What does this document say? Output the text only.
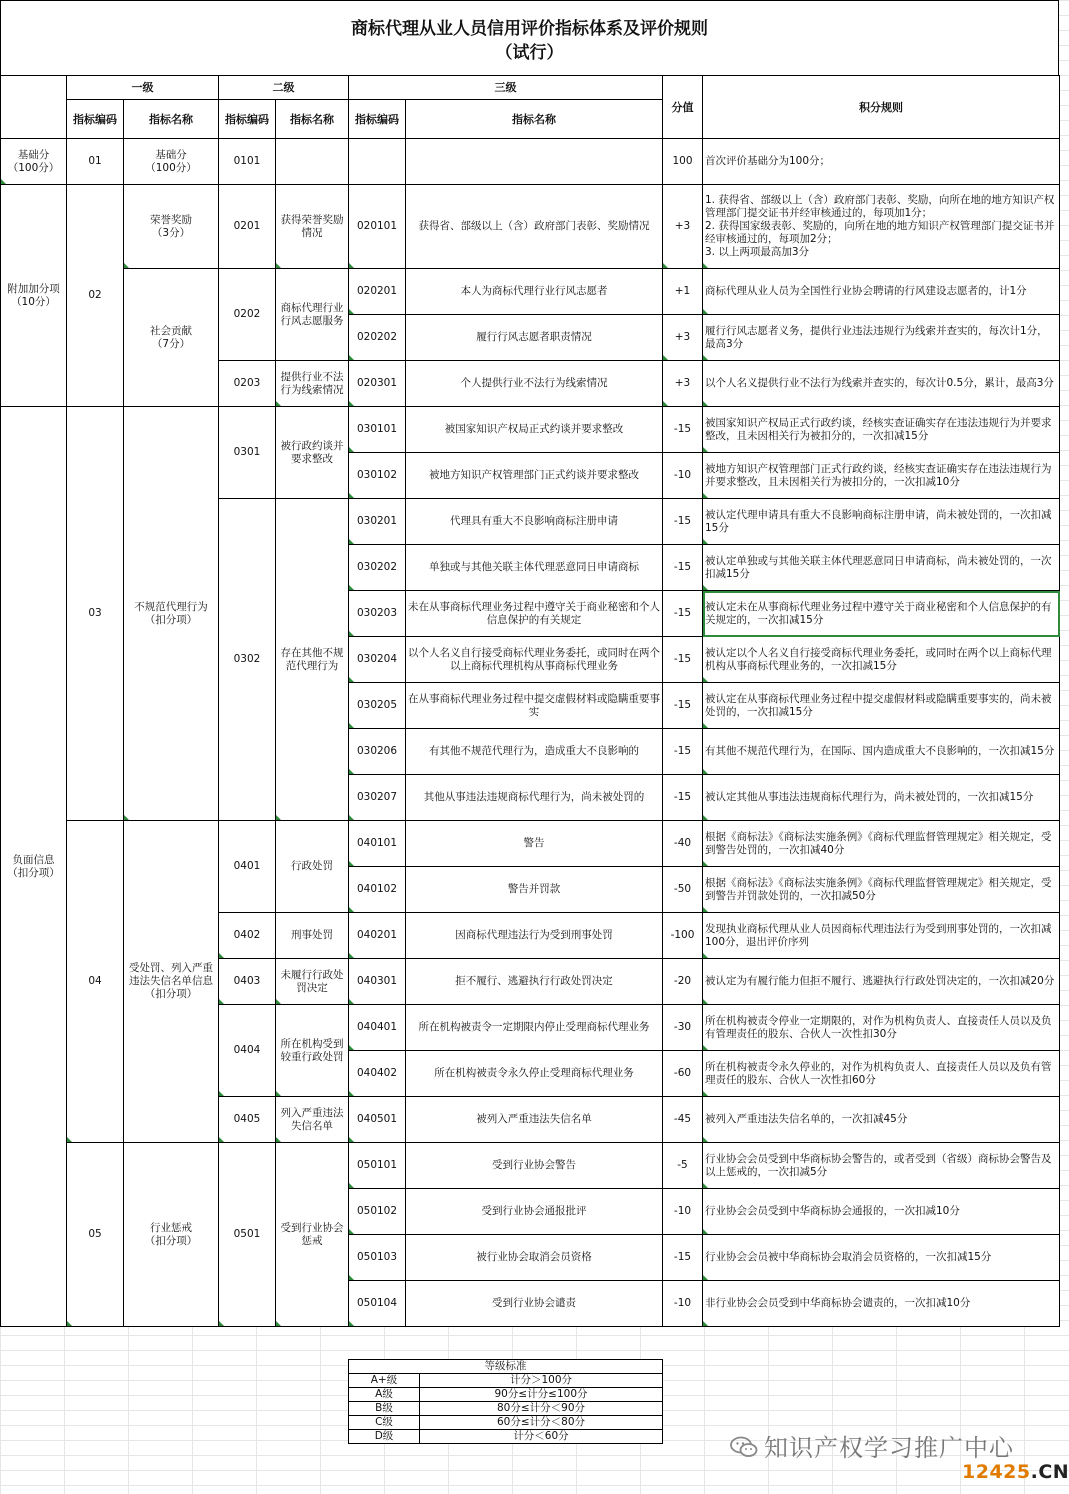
商标代理从业人员信用评价指标体系及评价规则
（试行）
	一级		二级		三级		分值	积分规则
	指标编码	指标名称	指标编码	指标名称	指标编码	指标名称		
基础分
（100分）	01	基础分
（100分）	0101				100	首次评价基础分为100分；
附加加分项
（10分）	02	荣誉奖励
（3分）	0201	获得荣誉奖励情况	020101	获得省、部级以上（含）政府部门表彰、奖励情况	+3	1. 获得省、部级以上（含）政府部门表彰、奖励，向所在地的地方知识产权管理部门提交证书并经审核通过的，每项加1分；
2. 获得国家级表彰、奖励的，向所在地的地方知识产权管理部门提交证书并经审核通过的，每项加2分；
3. 以上两项最高加3分
		社会贡献
（7分）	0202	商标代理行业行风志愿服务	020201	本人为商标代理行业行风志愿者	+1	商标代理从业人员为全国性行业协会聘请的行风建设志愿者的，计1分
					020202	履行行风志愿者职责情况	+3	履行行风志愿者义务，提供行业违法违规行为线索并查实的，每次计1分，最高3分
			0203	提供行业不法行为线索情况	020301	个人提供行业不法行为线索情况	+3	以个人名义提供行业不法行为线索并查实的，每次计0.5分，累计，最高3分
负面信息
（扣分项）	03	不规范代理行为
（扣分项）	0301	被行政约谈并要求整改	030101	被国家知识产权局正式约谈并要求整改	-15	被国家知识产权局正式行政约谈，经核实查证确实存在违法违规行为并要求整改，且未因相关行为被扣分的，一次扣减15分
					030102	被地方知识产权管理部门正式约谈并要求整改	-10	被地方知识产权管理部门正式行政约谈，经核实查证确实存在违法违规行为并要求整改，且未因相关行为被扣分的，一次扣减10分
			0302	存在其他不规范代理行为	030201	代理具有重大不良影响商标注册申请	-15	被认定代理申请具有重大不良影响商标注册申请，尚未被处罚的，一次扣减15分
					030202	单独或与其他关联主体代理恶意同日申请商标	-15	被认定单独或与其他关联主体代理恶意同日申请商标，尚未被处罚的，一次扣减15分
					030203	未在从事商标代理业务过程中遵守关于商业秘密和个人信息保护的有关规定	-15	被认定未在从事商标代理业务过程中遵守关于商业秘密和个人信息保护的有关规定的，一次扣减15分
					030204	以个人名义自行接受商标代理业务委托，或同时在两个以上商标代理机构从事商标代理业务	-15	被认定以个人名义自行接受商标代理业务委托，或同时在两个以上商标代理机构从事商标代理业务的，一次扣减15分
					030205	在从事商标代理业务过程中提交虚假材料或隐瞒重要事实	-15	被认定在从事商标代理业务过程中提交虚假材料或隐瞒重要事实的，尚未被处罚的，一次扣减15分
					030206	有其他不规范代理行为，造成重大不良影响的	-15	有其他不规范代理行为，在国际、国内造成重大不良影响的，一次扣减15分
					030207	其他从事违法违规商标代理行为，尚未被处罚的	-15	被认定其他从事违法违规商标代理行为，尚未被处罚的，一次扣减15分
	04	受处罚、列入严重违法失信名单信息
（扣分项）	0401	行政处罚	040101	警告	-40	根据《商标法》《商标法实施条例》《商标代理监督管理规定》相关规定，受到警告处罚的，一次扣减40分
					040102	警告并罚款	-50	根据《商标法》《商标法实施条例》《商标代理监督管理规定》相关规定，受到警告并罚款处罚的，一次扣减50分
			0402	刑事处罚	040201	因商标代理违法行为受到刑事处罚	-100	发现执业商标代理从业人员因商标代理违法行为受到刑事处罚的，一次扣减100分，退出评价序列
			0403	未履行行政处罚决定	040301	拒不履行、逃避执行行政处罚决定	-20	被认定为有履行能力但拒不履行、逃避执行行政处罚决定的，一次扣减20分
			0404	所在机构受到较重行政处罚	040401	所在机构被责令一定期限内停止受理商标代理业务	-30	所在机构被责令停业一定期限的，对作为机构负责人、直接责任人员以及负有管理责任的股东、合伙人一次性扣30分
					040402	所在机构被责令永久停止受理商标代理业务	-60	所在机构被责令永久停业的，对作为机构负责人、直接责任人员以及负有管理责任的股东、合伙人一次性扣60分
			0405	列入严重违法失信名单	040501	被列入严重违法失信名单	-45	被列入严重违法失信名单的，一次扣减45分
	05	行业惩戒
（扣分项）	0501	受到行业协会惩戒	050101	受到行业协会警告	-5	行业协会会员受到中华商标协会警告的，或者受到（省级）商标协会警告及以上惩戒的，一次扣减5分
					050102	受到行业协会通报批评	-10	行业协会会员受到中华商标协会通报的，一次扣减10分
					050103	被行业协会取消会员资格	-15	行业协会会员被中华商标协会取消会员资格的，一次扣减15分
					050104	受到行业协会谴责	-10	非行业协会会员受到中华商标协会谴责的，一次扣减10分
等级标准	
A+级	计分＞100分
A级	90分≤计分≤100分
B级	80分≤计分＜90分
C级	60分≤计分＜80分
D级	计分＜60分	知识产权学习推广中心
12425.CN
